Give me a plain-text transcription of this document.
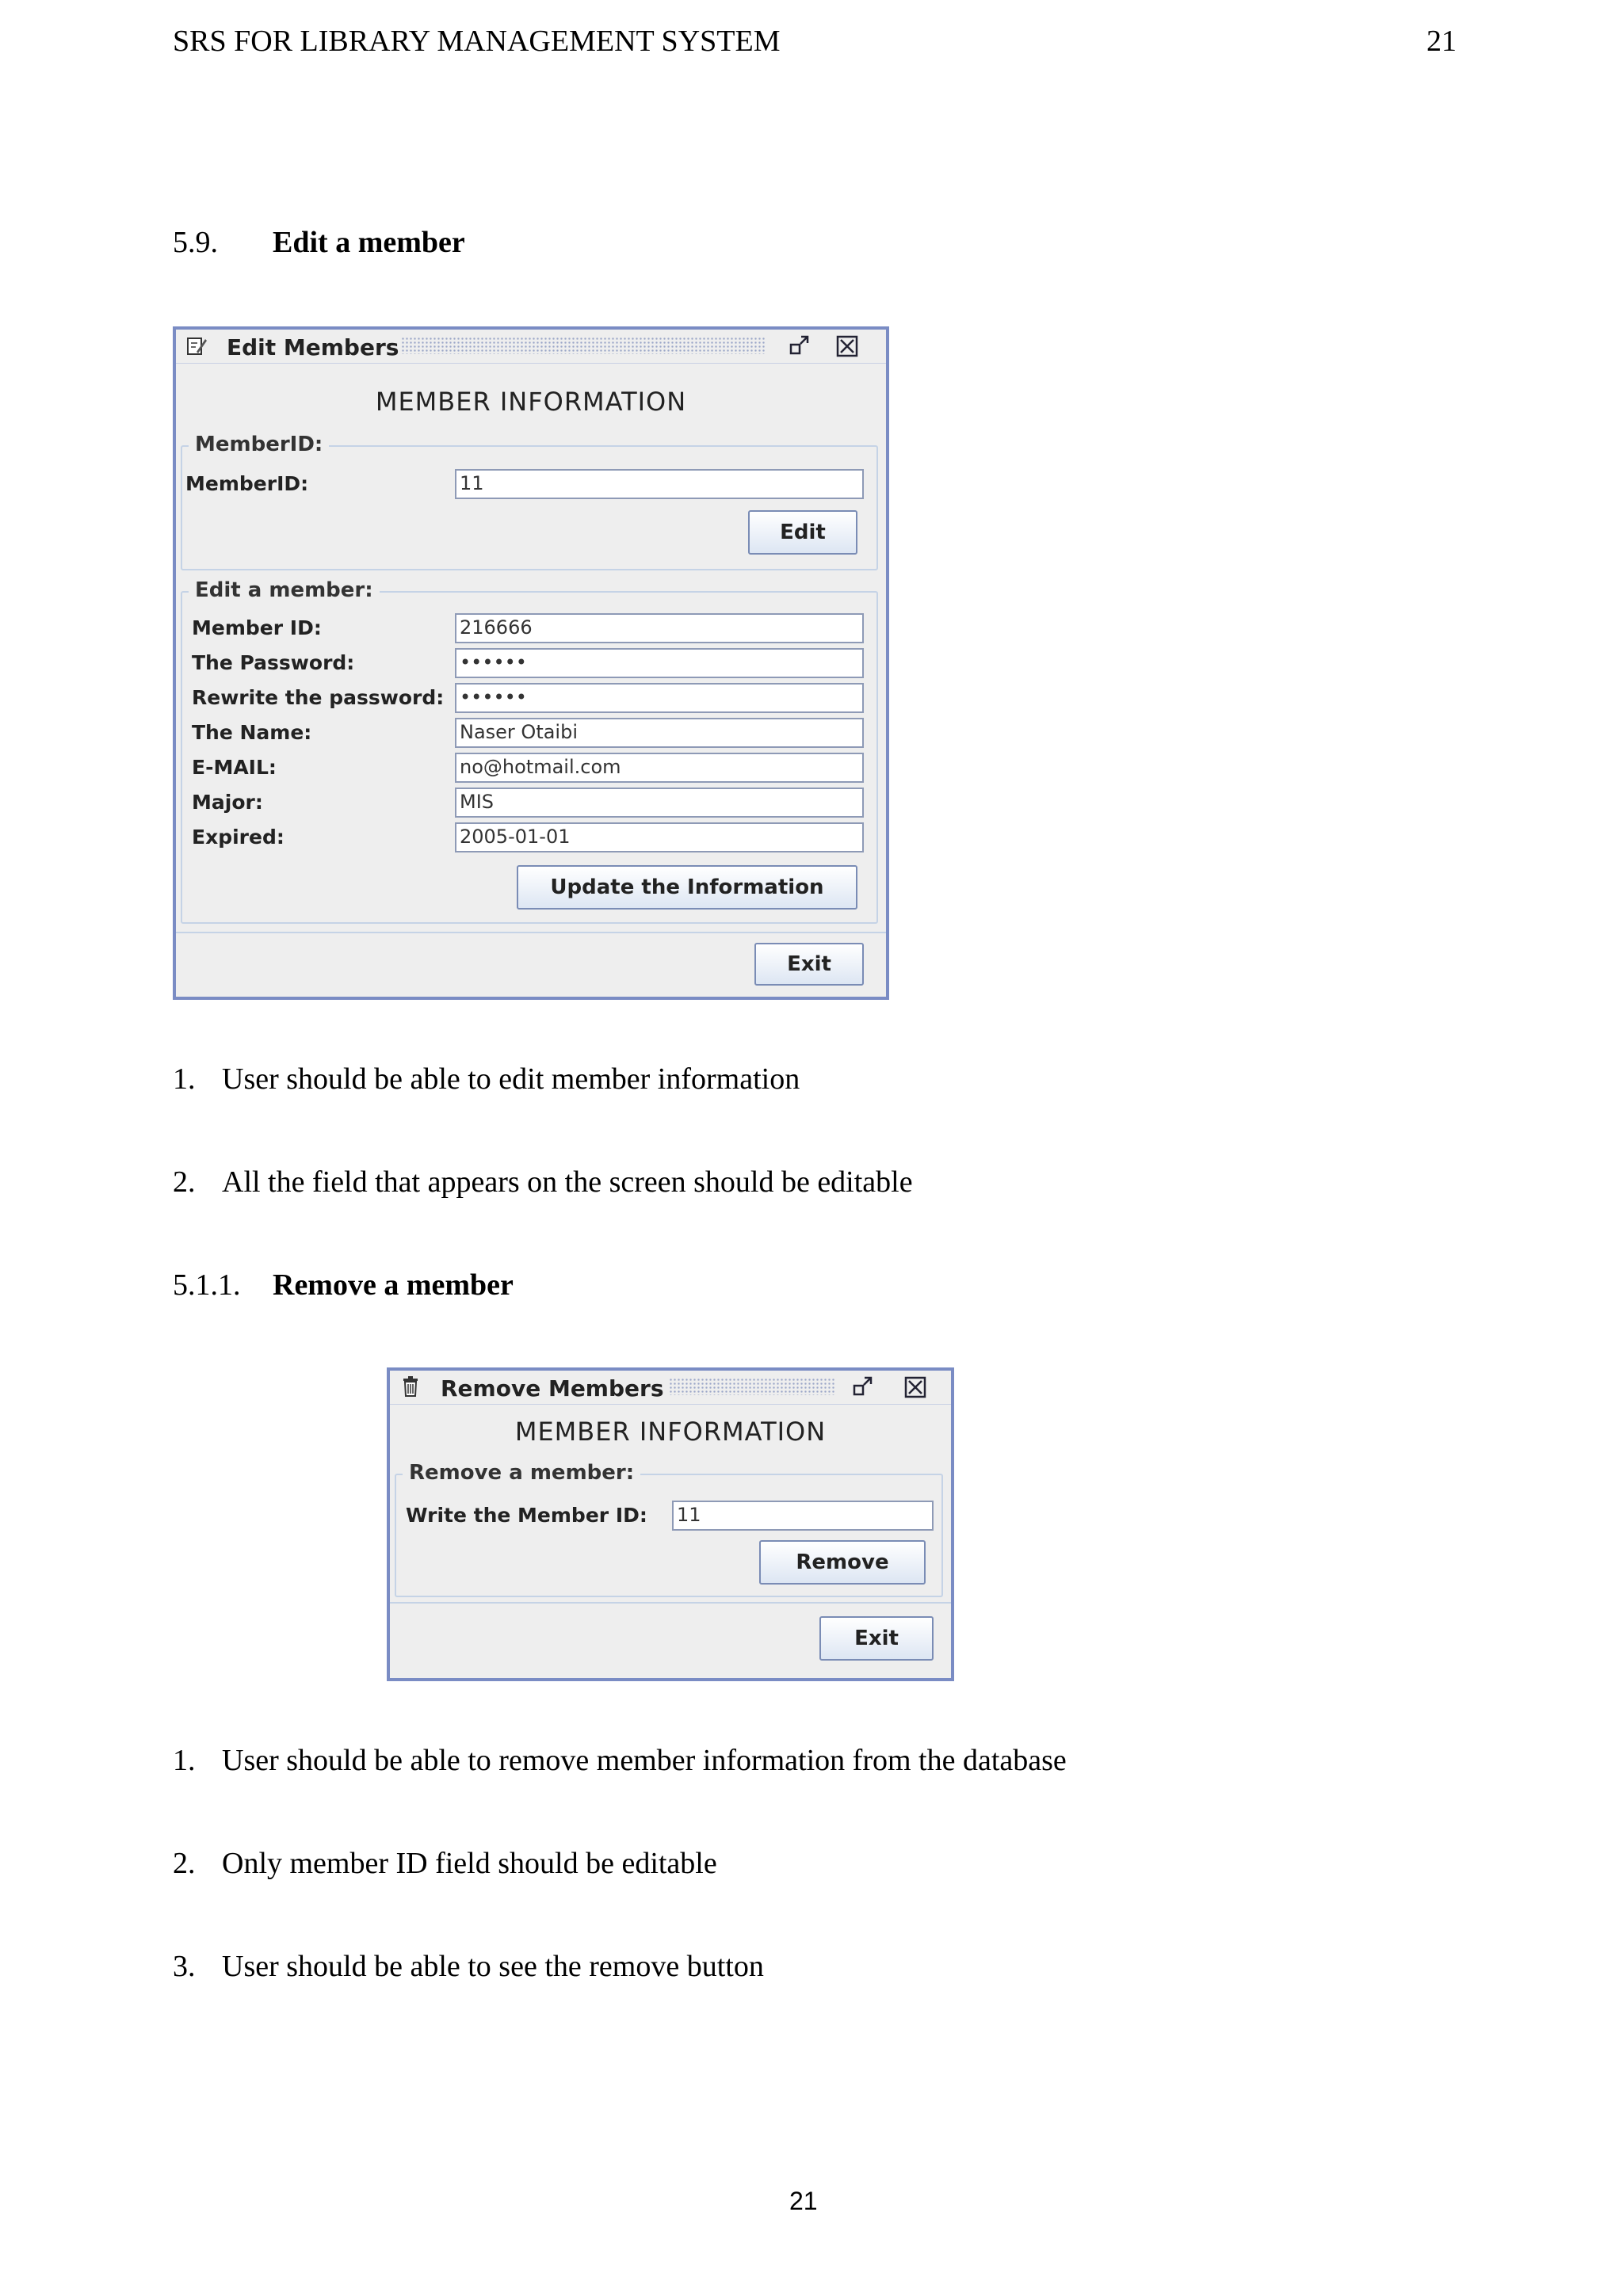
SRS FOR LIBRARY MANAGEMENT SYSTEM	21
5.9. Edit a member
Edit Members
MEMBER INFORMATION
MemberID:
MemberID:	11
Edit
Edit a member:
Member ID:	216666
The Password:	••••••
Rewrite the password: ••••••
The Name:	Naser Otaibi
E-MAIL:	no@hotmail.com
Major:	MIS
Expired:	2005-01-01
Update the Information
Exit
1. User should be able to edit member information
2. All the field that appears on the screen should be editable
5.1.1. Remove a member
Remove Members
MEMBER INFORMATION
Remove a member:
Write the Member ID: 11
Remove
Exit
1. User should be able to remove member information from the database
2. Only member ID field should be editable
3. User should be able to see the remove button
21
